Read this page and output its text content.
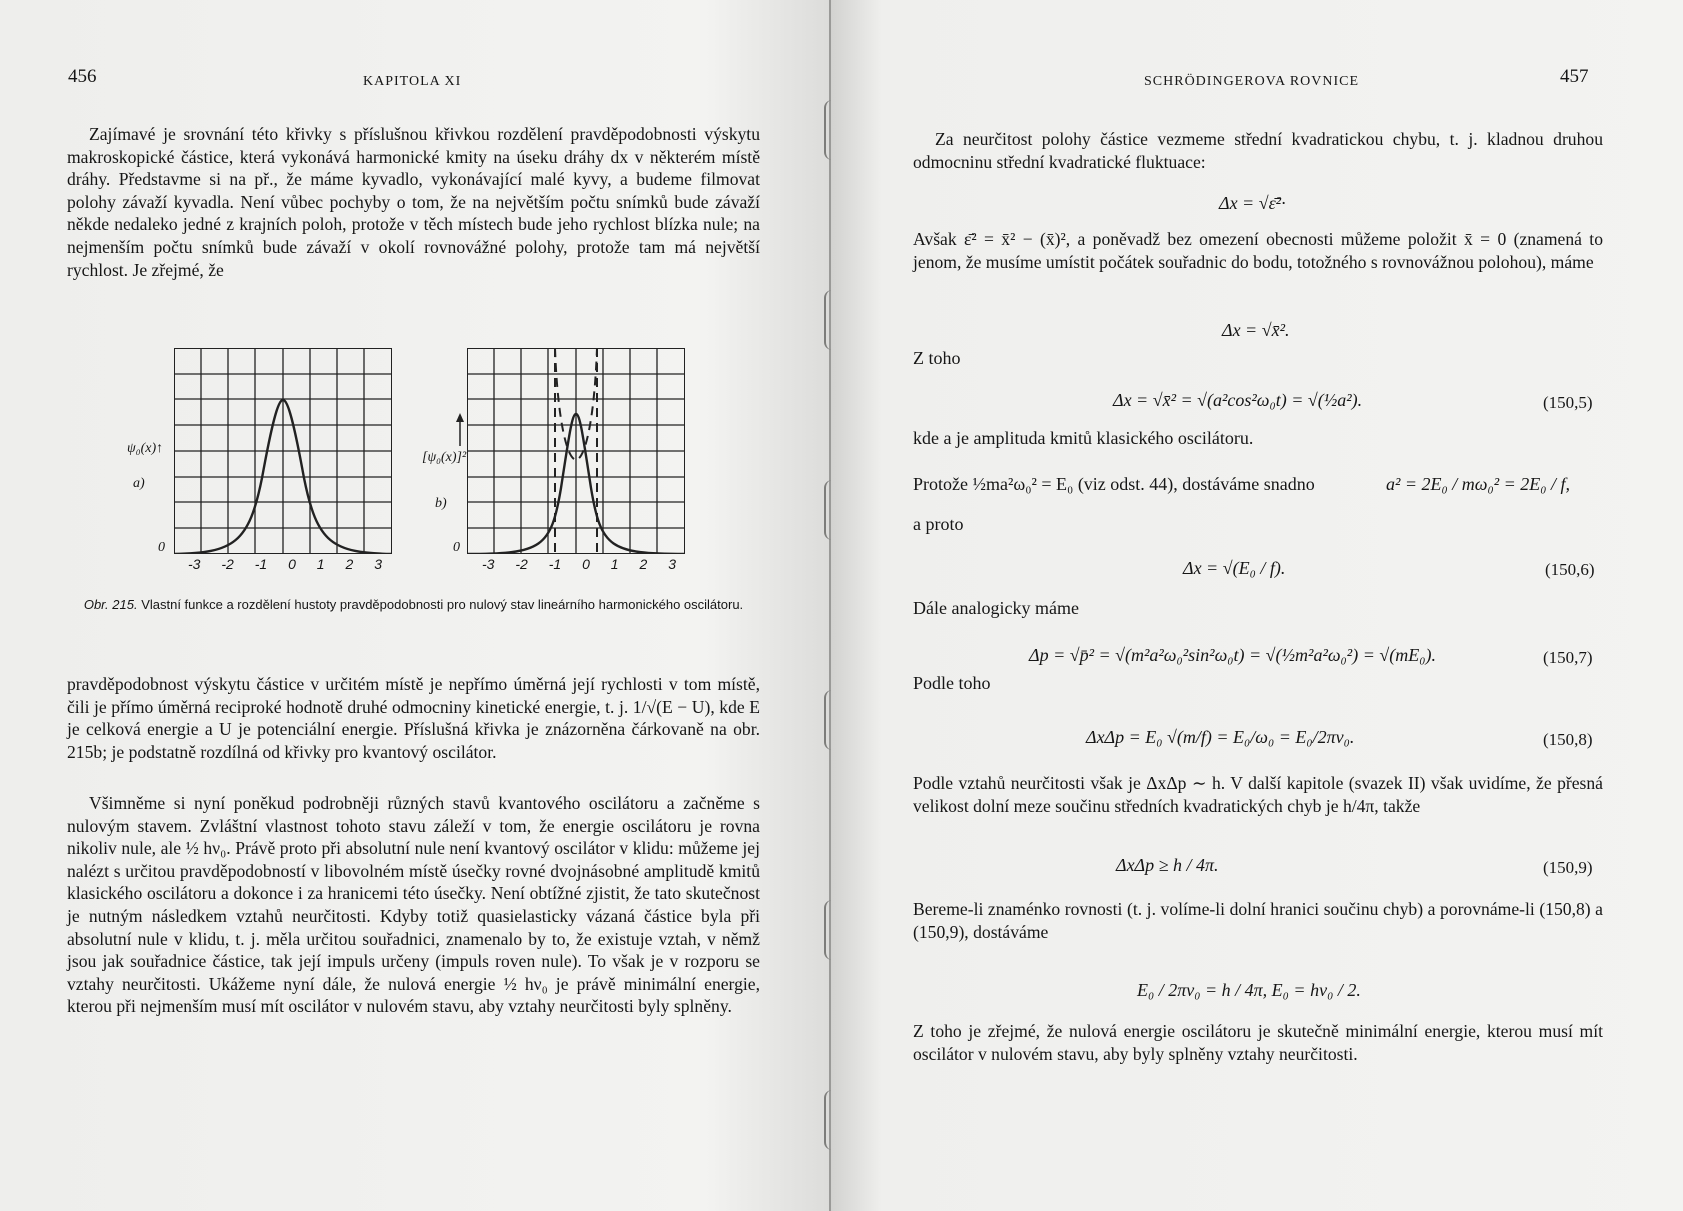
456	KAPITOLA XI

Zajímavé je srovnání této křivky s příslušnou křivkou rozdělení pravděpodobnosti výskytu makroskopické částice, která vykonává harmonické kmity na úseku dráhy dx v některém místě dráhy. Představme si na př., že máme kyvadlo, vykonávající malé kyvy, a budeme filmovat polohy závaží kyvadla. Není vůbec pochyby o tom, že na největším počtu snímků bude závaží někde nedaleko jedné z krajních poloh, protože v těch místech bude jeho rychlost blízka nule; na nejmenším počtu snímků bude závaží v okolí rovnovážné polohy, protože tam má největší rychlost. Je zřejmé, že

ψ₀(x)↑
a)
0
-3 -2 -1 0 1 2 3
[ψ₀(x)]²
b)
0
-3 -2 -1 0 1 2 3
Obr. 215. Vlastní funkce a rozdělení hustoty pravděpodobnosti pro nulový stav lineárního harmonického oscilátoru.

pravděpodobnost výskytu částice v určitém místě je nepřímo úměrná její rychlosti v tom místě, čili je přímo úměrná reciproké hodnotě druhé odmocniny kinetické energie, t. j. 1/√(E − U), kde E je celková energie a U je potenciální energie. Příslušná křivka je znázorněna čárkovaně na obr. 215b; je podstatně rozdílná od křivky pro kvantový oscilátor.

Všimněme si nyní poněkud podrobněji různých stavů kvantového oscilátoru a začněme s nulovým stavem. Zvláštní vlastnost tohoto stavu záleží v tom, že energie oscilátoru je rovna nikoliv nule, ale ½ hν₀. Právě proto při absolutní nule není kvantový oscilátor v klidu: můžeme jej nalézt s určitou pravděpodobností v libovolném místě úsečky rovné dvojnásobné amplitudě kmitů klasického oscilátoru a dokonce i za hranicemi této úsečky. Není obtížné zjistit, že tato skutečnost je nutným následkem vztahů neurčitosti. Kdyby totiž quasielasticky vázaná částice byla při absolutní nule v klidu, t. j. měla určitou souřadnici, znamenalo by to, že existuje vztah, v němž jsou jak souřadnice částice, tak její impuls určeny (impuls roven nule). To však je v rozporu se vztahy neurčitosti. Ukážeme nyní dále, že nulová energie ½ hν₀ je právě minimální energie, kterou při nejmenším musí mít oscilátor v nulovém stavu, aby vztahy neurčitosti byly splněny.

SCHRÖDINGEROVA ROVNICE	457

Za neurčitost polohy částice vezmeme střední kvadratickou chybu, t. j. kladnou druhou odmocninu střední kvadratické fluktuace:

Δx = √ε̄²·

Avšak ε̄² = x̄² − (x̄)², a poněvadž bez omezení obecnosti můžeme položit x̄ = 0 (znamená to jenom, že musíme umístit počátek souřadnic do bodu, totožného s rovnovážnou polohou), máme

Δx = √x̄².
Z toho
Δx = √x̄² = √(a²cos²ω₀t) = √(½a²).	(150,5)
kde a je amplituda kmitů klasického oscilátoru.
Protože ½ma²ω₀² = E₀ (viz odst. 44), dostáváme snadno	a² = 2E₀ / mω₀² = 2E₀ / f,
a proto
Δx = √(E₀ / f).	(150,6)
Dále analogicky máme
Δp = √p̄² = √(m²a²ω₀²sin²ω₀t) = √(½m²a²ω₀²) = √(mE₀).	(150,7)
Podle toho
ΔxΔp = E₀ √(m/f) = E₀/ω₀ = E₀/2πν₀.	(150,8)

Podle vztahů neurčitosti však je ΔxΔp ∼ h. V další kapitole (svazek II) však uvidíme, že přesná velikost dolní meze součinu středních kvadratických chyb je h/4π, takže

ΔxΔp ≥ h / 4π.	(150,9)

Bereme-li znaménko rovnosti (t. j. volíme-li dolní hranici součinu chyb) a porovnáme-li (150,8) a (150,9), dostáváme

E₀ / 2πν₀ = h / 4π, E₀ = hν₀ / 2.

Z toho je zřejmé, že nulová energie oscilátoru je skutečně minimální energie, kterou musí mít oscilátor v nulovém stavu, aby byly splněny vztahy neurčitosti.
